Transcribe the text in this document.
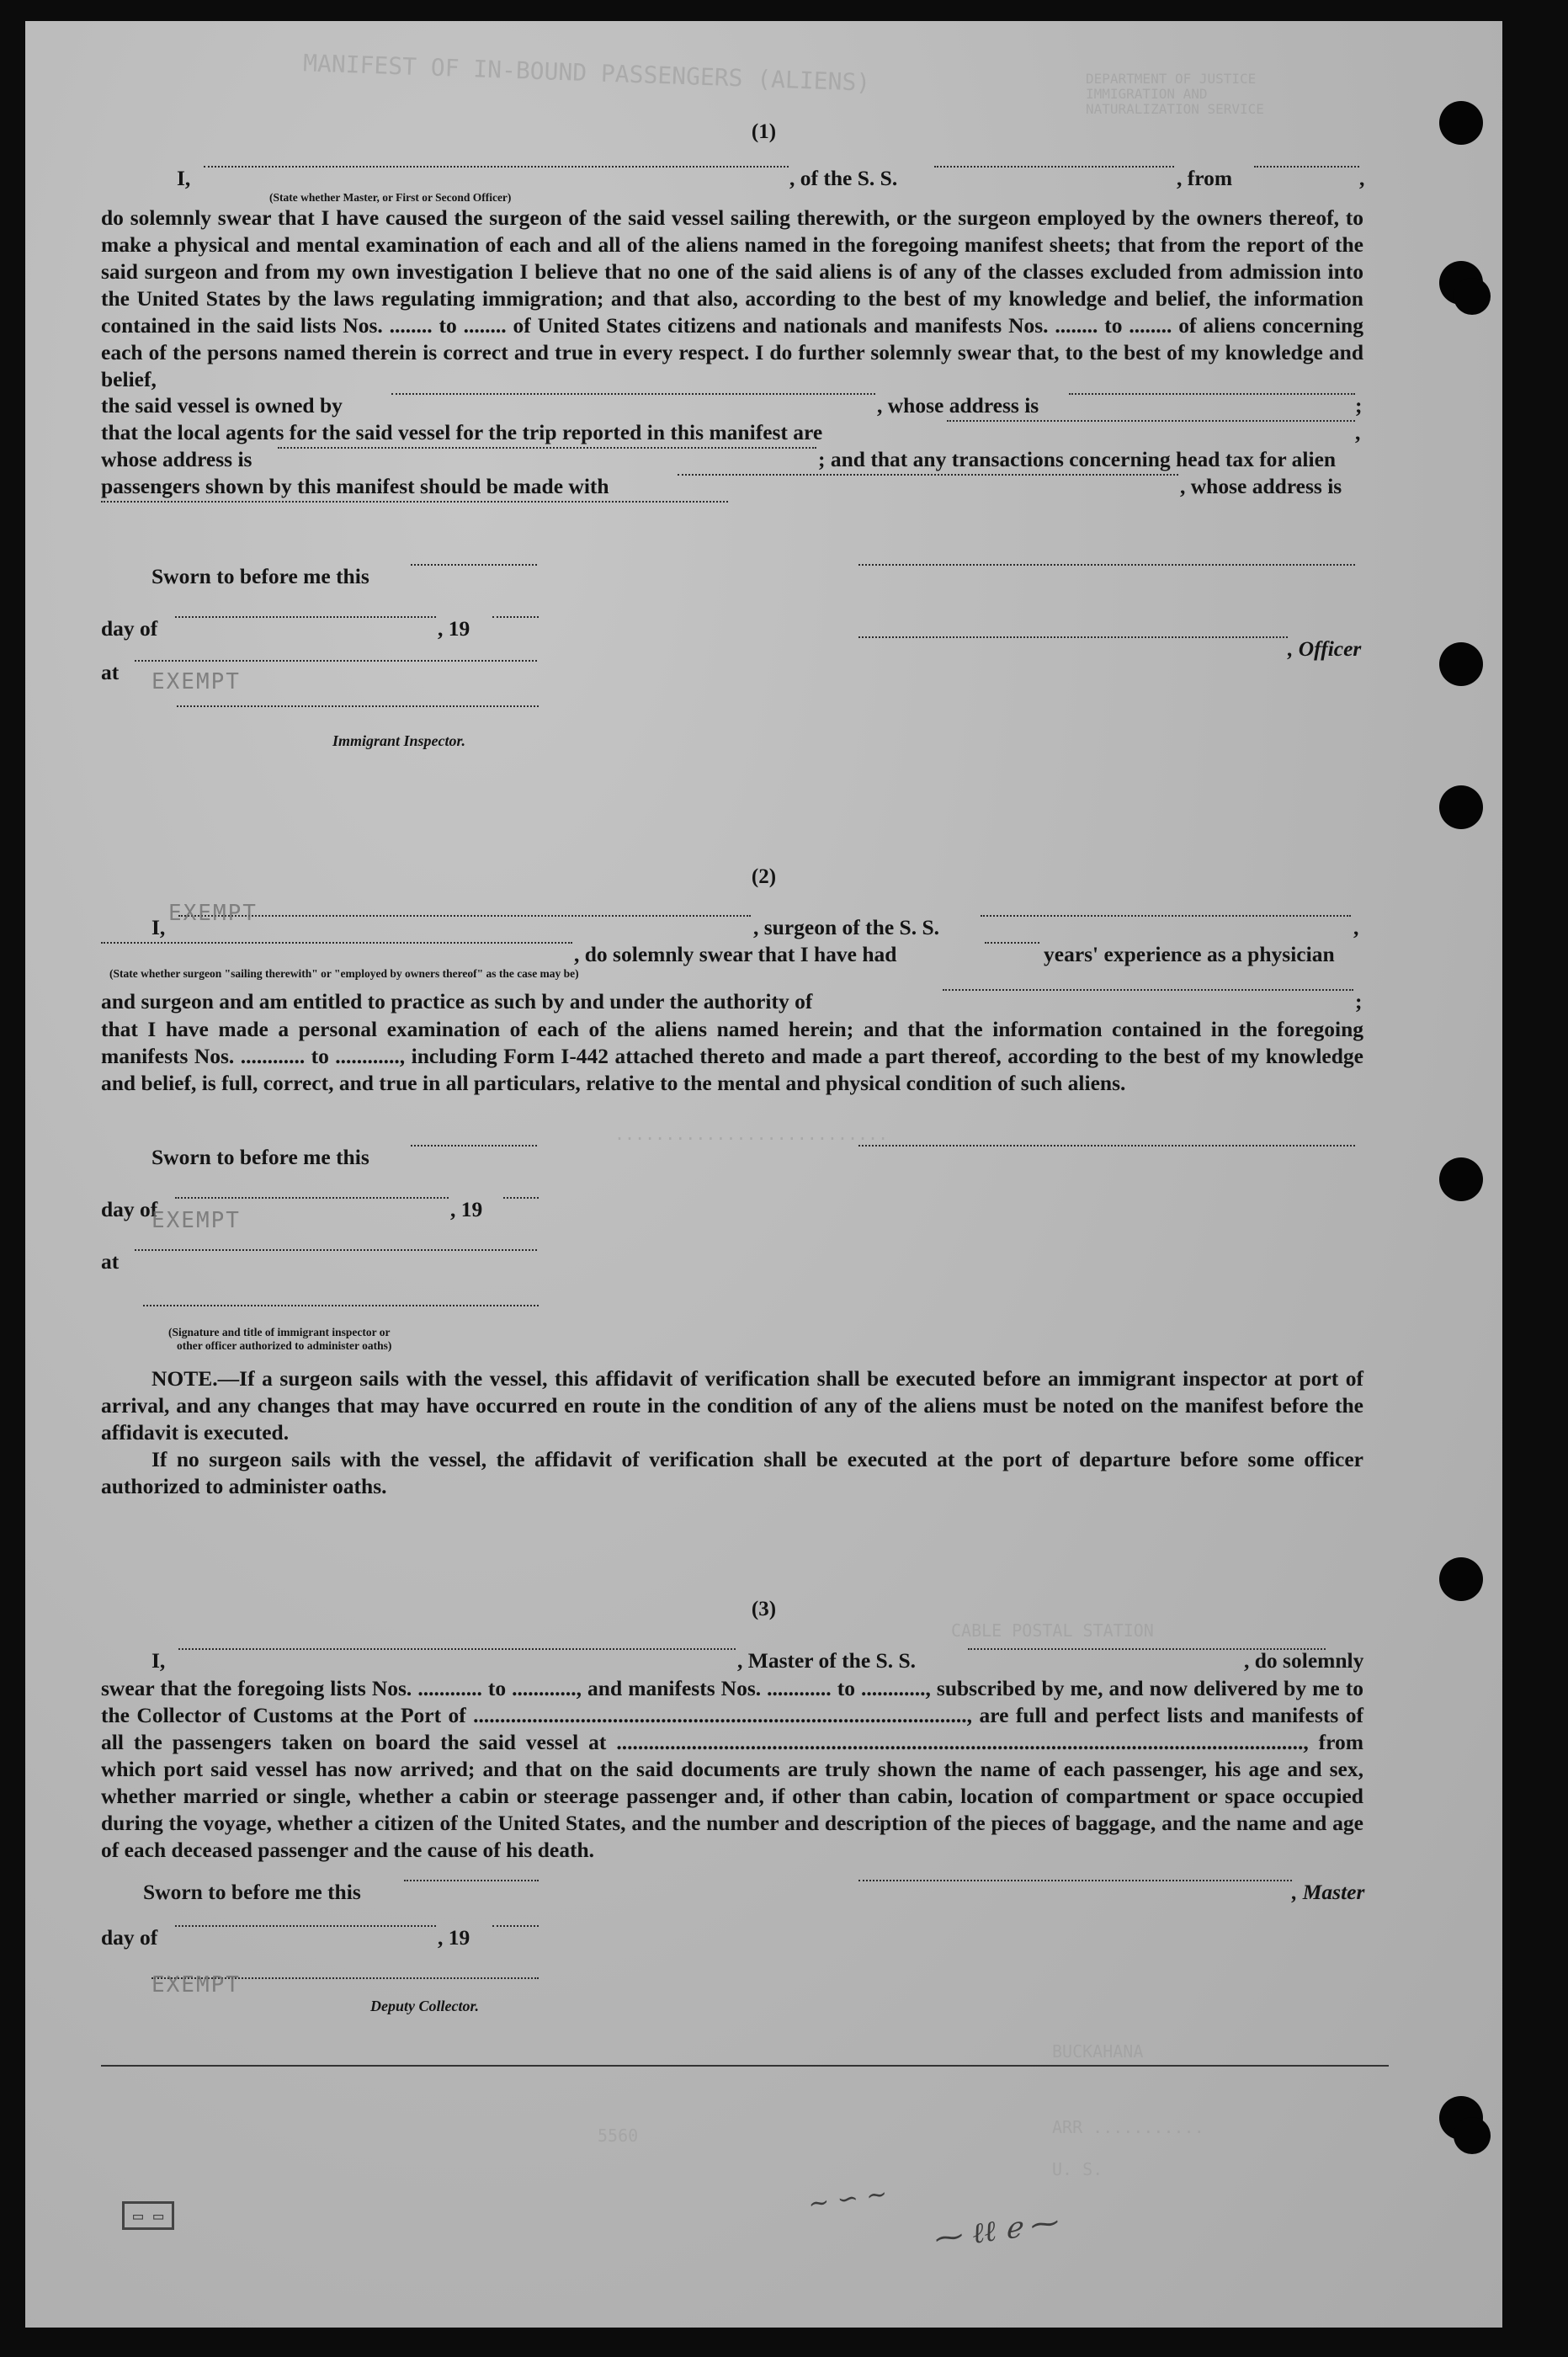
MANIFEST OF IN-BOUND PASSENGERS (ALIENS)	DEPARTMENT OF JUSTICE
IMMIGRATION AND
NATURALIZATION SERVICE
...........................
CABLE POSTAL STATION
BUCKAHANA
ARR ...........
U. S.
5560
(1)
I,	, of the S. S.	, from	,
(State whether Master, or First or Second Officer)

do solemnly swear that I have caused the surgeon of the said vessel sailing therewith, or the surgeon employed by the owners thereof, to make a physical and mental examination of each and all of the aliens named in the foregoing manifest sheets; that from the report of the said surgeon and from my own investigation I believe that no one of the said aliens is of any of the classes excluded from admission into the United States by the laws regulating immigration; and that also, according to the best of my knowledge and belief, the information contained in the said lists Nos. ........ to ........ of United States citizens and nationals and manifests Nos. ........ to ........ of aliens concerning each of the persons named therein is correct and true in every respect. I do further solemnly swear that, to the best of my knowledge and belief,

the said vessel is owned by	, whose address is	;
that the local agents for the said vessel for the trip reported in this manifest are	,
whose address is	; and that any transactions concerning head tax for alien
passengers shown by this manifest should be made with	, whose address is
Sworn to before me this
day of	, 19
, Officer
at
Immigrant Inspector.
EXEMPT
(2)
I,	, surgeon of the S. S.	,
, do solemnly swear that I have had	years' experience as a physician
(State whether surgeon "sailing therewith" or "employed by owners thereof" as the case may be)
and surgeon and am entitled to practice as such by and under the authority of	;

that I have made a personal examination of each of the aliens named herein; and that the information contained in the foregoing manifests Nos. ............ to ............, including Form I-442 attached thereto and made a part thereof, according to the best of my knowledge and belief, is full, correct, and true in all particulars, relative to the mental and physical condition of such aliens.

Sworn to before me this
day of	, 19
at
(Signature and title of immigrant inspector or
other officer authorized to administer oaths)
EXEMPT
EXEMPT

NOTE.—If a surgeon sails with the vessel, this affidavit of verification shall be executed before an immigrant inspector at port of arrival, and any changes that may have occurred en route in the condition of any of the aliens must be noted on the manifest before the affidavit is executed.

If no surgeon sails with the vessel, the affidavit of verification shall be executed at the port of departure before some officer authorized to administer oaths.

(3)
I,	, Master of the S. S.	, do solemnly

swear that the foregoing lists Nos. ............ to ............, and manifests Nos. ............ to ............, subscribed by me, and now delivered by me to the Collector of Customs at the Port of ............................................................................................, are full and perfect lists and manifests of all the passengers taken on board the said vessel at ................................................................................................................................, from which port said vessel has now arrived; and that on the said documents are truly shown the name of each passenger, his age and sex, whether married or single, whether a cabin or steerage passenger and, if other than cabin, location of compartment or space occupied during the voyage, whether a citizen of the United States, and the number and description of the pieces of baggage, and the name and age of each deceased passenger and the cause of his death.

Sworn to before me this	, Master
day of	, 19
Deputy Collector.
EXEMPT
⁓ ℓℓ ℯ ⁓
∼ ∽ ∼
▭ ▭
